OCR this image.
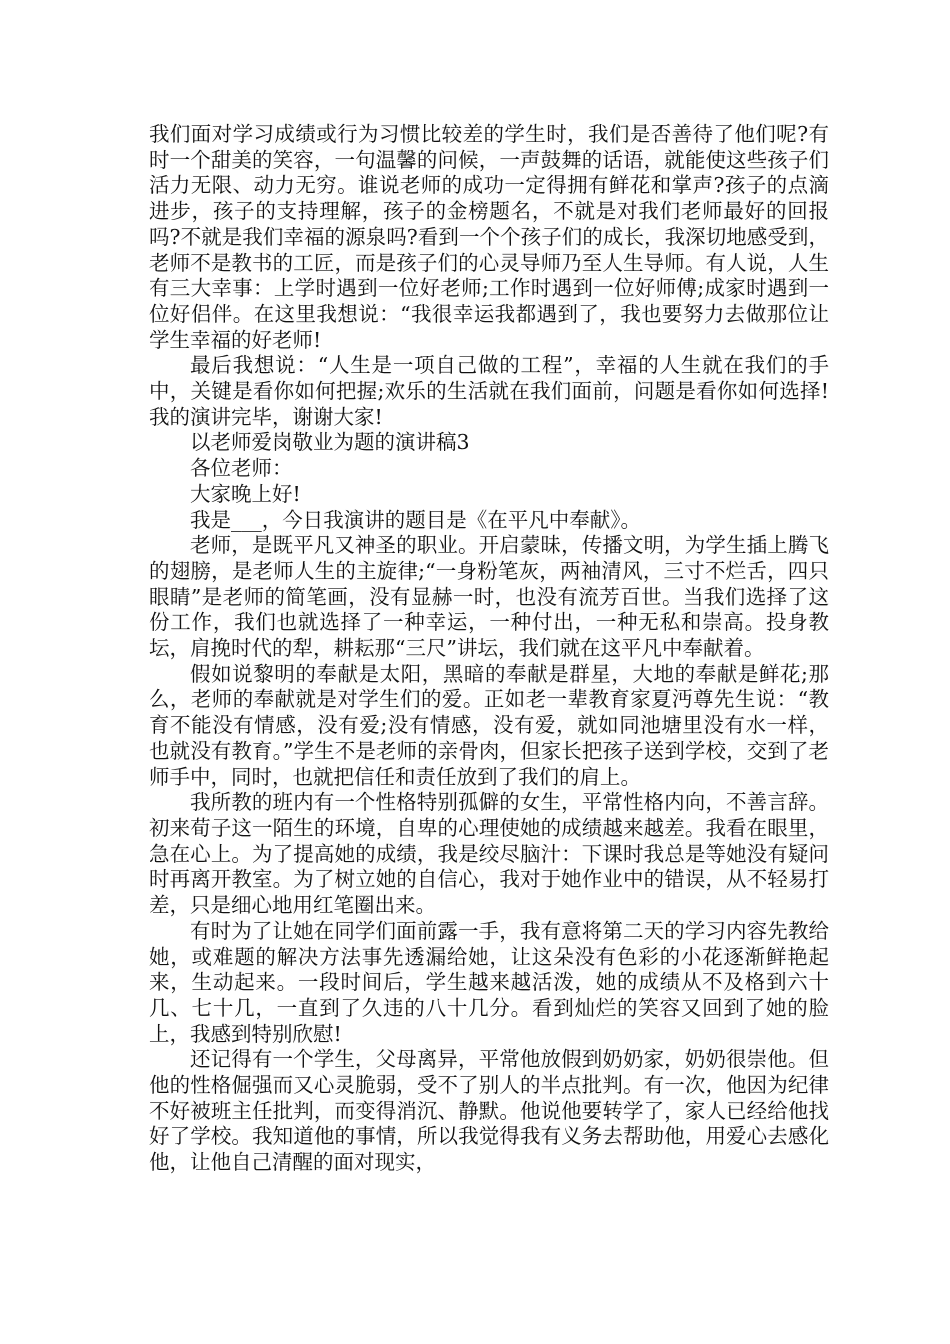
我们面对学习成绩或行为习惯比较差的学生时，我们是否善待了他们呢?有时一个甜美的笑容，一句温馨的问候，一声鼓舞的话语，就能使这些孩子们活力无限、动力无穷。谁说老师的成功一定得拥有鲜花和掌声?孩子的点滴进步，孩子的支持理解，孩子的金榜题名，不就是对我们老师最好的回报吗?不就是我们幸福的源泉吗?看到一个个孩子们的成长，我深切地感受到，老师不是教书的工匠，而是孩子们的心灵导师乃至人生导师。有人说，人生有三大幸事：上学时遇到一位好老师;工作时遇到一位好师傅;成家时遇到一位好侣伴。在这里我想说：“我很幸运我都遇到了，我也要努力去做那位让学生幸福的好老师!

最后我想说：“人生是一项自己做的工程”，幸福的人生就在我们的手中，关键是看你如何把握;欢乐的生活就在我们面前，问题是看你如何选择!我的演讲完毕，谢谢大家!

以老师爱岗敬业为题的演讲稿3

各位老师：

大家晚上好!

我是___，今日我演讲的题目是《在平凡中奉献》。

老师，是既平凡又神圣的职业。开启蒙昧，传播文明，为学生插上腾飞的翅膀，是老师人生的主旋律;“一身粉笔灰，两袖清风，三寸不烂舌，四只眼睛”是老师的简笔画，没有显赫一时，也没有流芳百世。当我们选择了这份工作，我们也就选择了一种幸运，一种付出，一种无私和崇高。投身教坛，肩挽时代的犁，耕耘那“三尺”讲坛，我们就在这平凡中奉献着。

假如说黎明的奉献是太阳，黑暗的奉献是群星，大地的奉献是鲜花;那么，老师的奉献就是对学生们的爱。正如老一辈教育家夏沔尊先生说：“教育不能没有情感，没有爱;没有情感，没有爱，就如同池塘里没有水一样，也就没有教育。”学生不是老师的亲骨肉，但家长把孩子送到学校，交到了老师手中，同时，也就把信任和责任放到了我们的肩上。

我所教的班内有一个性格特别孤僻的女生，平常性格内向，不善言辞。初来荀子这一陌生的环境，自卑的心理使她的成绩越来越差。我看在眼里，急在心上。为了提高她的成绩，我是绞尽脑汁：下课时我总是等她没有疑问时再离开教室。为了树立她的自信心，我对于她作业中的错误，从不轻易打差，只是细心地用红笔圈出来。

有时为了让她在同学们面前露一手，我有意将第二天的学习内容先教给她，或难题的解决方法事先透漏给她，让这朵没有色彩的小花逐渐鲜艳起来，生动起来。一段时间后，学生越来越活泼，她的成绩从不及格到六十几、七十几，一直到了久违的八十几分。看到灿烂的笑容又回到了她的脸上，我感到特别欣慰!

还记得有一个学生，父母离异，平常他放假到奶奶家，奶奶很崇他。但他的性格倔强而又心灵脆弱，受不了别人的半点批判。有一次，他因为纪律不好被班主任批判，而变得消沉、静默。他说他要转学了，家人已经给他找好了学校。我知道他的事情，所以我觉得我有义务去帮助他，用爱心去感化他，让他自己清醒的面对现实，
